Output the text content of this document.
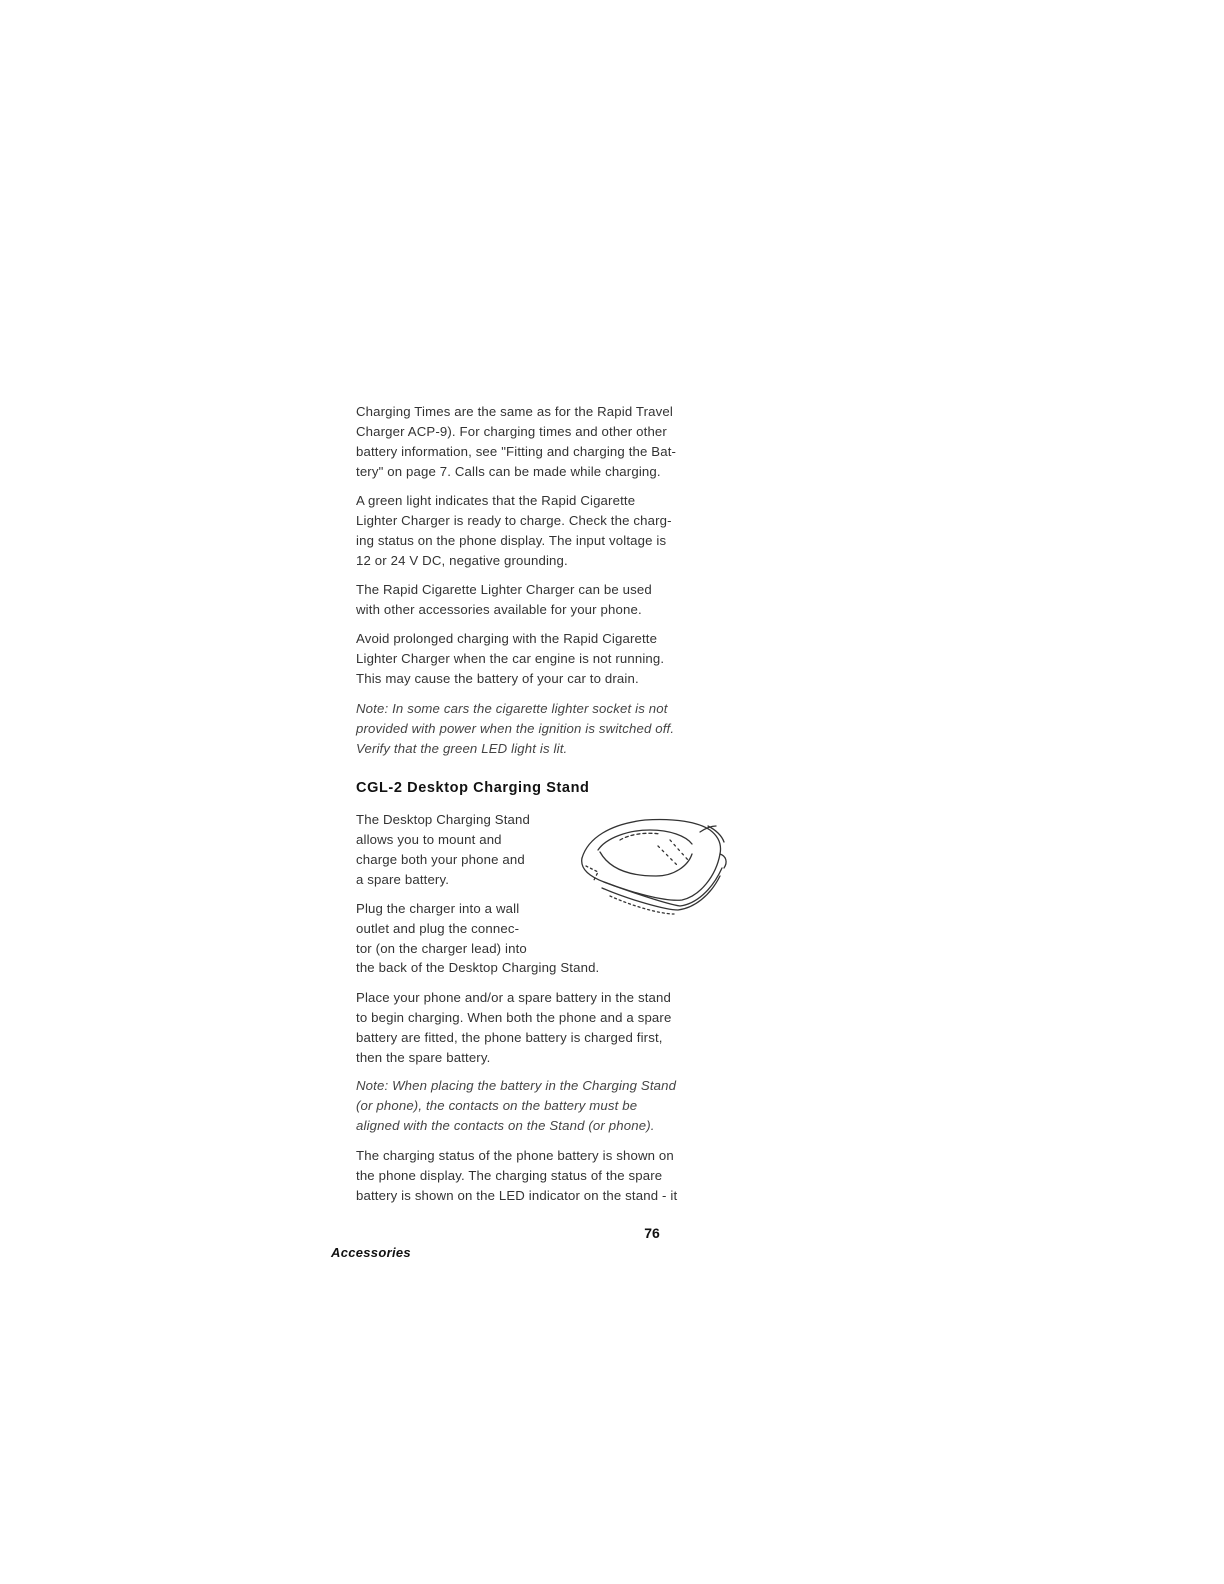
Charging Times are the same as for the Rapid Travel
Charger ACP-9). For charging times and other other
battery information, see "Fitting and charging the Bat-
tery" on page 7. Calls can be made while charging.

A green light indicates that the Rapid Cigarette
Lighter Charger is ready to charge. Check the charg-
ing status on the phone display. The input voltage is
12 or 24 V DC, negative grounding.

The Rapid Cigarette Lighter Charger can be used
with other accessories available for your phone.

Avoid prolonged charging with the Rapid Cigarette
Lighter Charger when the car engine is not running.
This may cause the battery of your car to drain.

Note: In some cars the cigarette lighter socket is not
provided with power when the ignition is switched off.
Verify that the green LED light is lit.

CGL-2 Desktop Charging Stand

The Desktop Charging Stand
allows you to mount and
charge both your phone and
a spare battery.

Plug the charger into a wall
outlet and plug the connec-
tor (on the charger lead) into

the back of the Desktop Charging Stand.

Place your phone and/or a spare battery in the stand
to begin charging. When both the phone and a spare
battery are fitted, the phone battery is charged first,
then the spare battery.

Note: When placing the battery in the Charging Stand
(or phone), the contacts on the battery must be
aligned with the contacts on the Stand (or phone).

The charging status of the phone battery is shown on
the phone display. The charging status of the spare
battery is shown on the LED indicator on the stand - it

76
Accessories
